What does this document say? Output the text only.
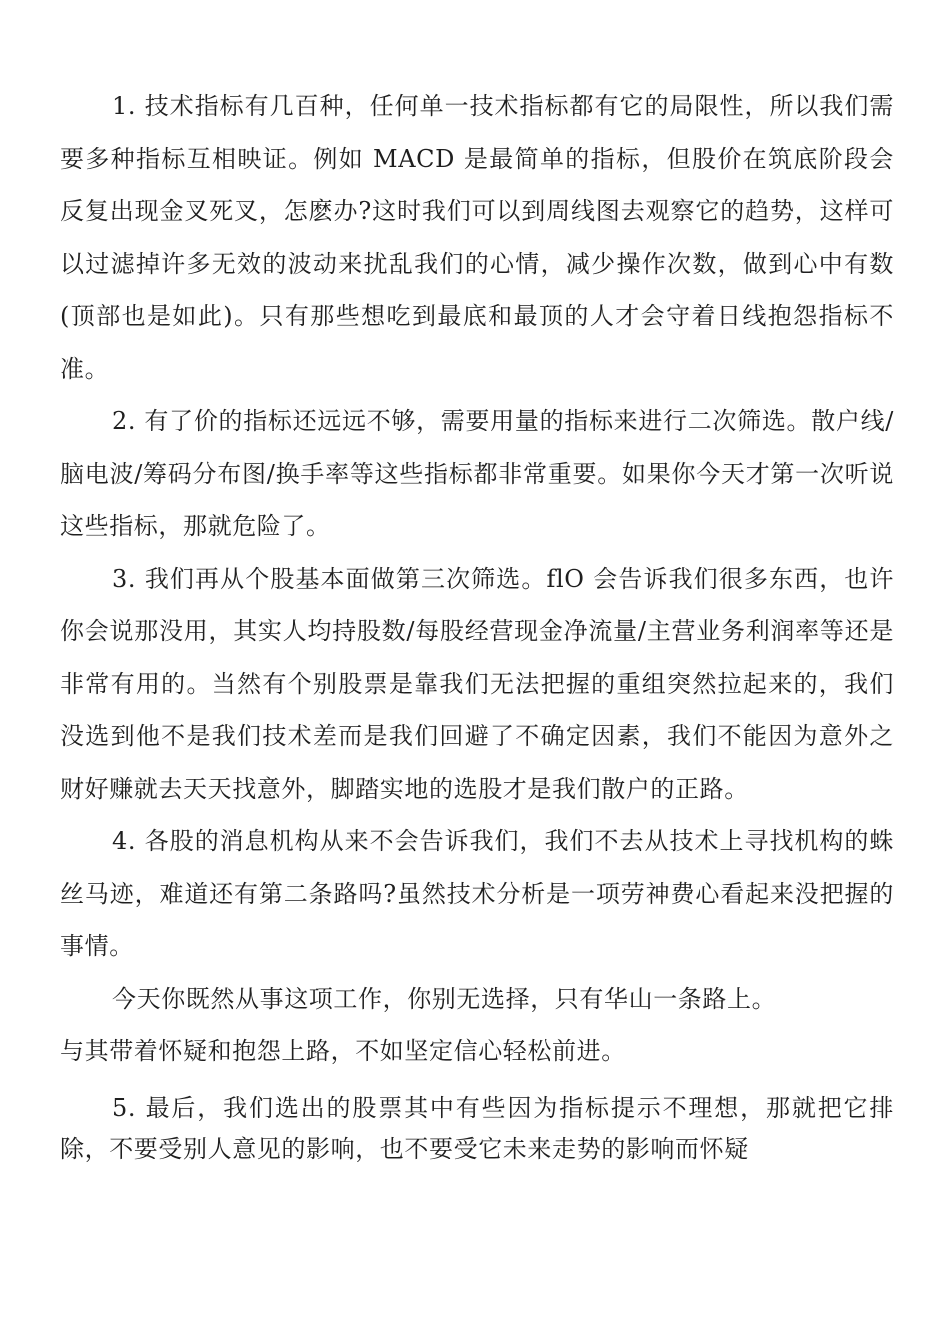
1. 技术指标有几百种，任何单一技术指标都有它的局限性，所以我们需要多种指标互相映证。例如 MACD 是最简单的指标，但股价在筑底阶段会反复出现金叉死叉，怎麽办?这时我们可以到周线图去观察它的趋势，这样可以过滤掉许多无效的波动来扰乱我们的心情，减少操作次数，做到心中有数(顶部也是如此)。只有那些想吃到最底和最顶的人才会守着日线抱怨指标不准。

2. 有了价的指标还远远不够，需要用量的指标来进行二次筛选。散户线/脑电波/筹码分布图/换手率等这些指标都非常重要。如果你今天才第一次听说这些指标，那就危险了。

3. 我们再从个股基本面做第三次筛选。flO 会告诉我们很多东西，也许你会说那没用，其实人均持股数/每股经营现金净流量/主营业务利润率等还是非常有用的。当然有个别股票是靠我们无法把握的重组突然拉起来的，我们没选到他不是我们技术差而是我们回避了不确定因素，我们不能因为意外之财好赚就去天天找意外，脚踏实地的选股才是我们散户的正路。

4. 各股的消息机构从来不会告诉我们，我们不去从技术上寻找机构的蛛丝马迹，难道还有第二条路吗?虽然技术分析是一项劳神费心看起来没把握的事情。

今天你既然从事这项工作，你别无选择，只有华山一条路上。

与其带着怀疑和抱怨上路，不如坚定信心轻松前进。

5. 最后，我们选出的股票其中有些因为指标提示不理想，那就把它排除，不要受别人意见的影响，也不要受它未来走势的影响而怀疑
